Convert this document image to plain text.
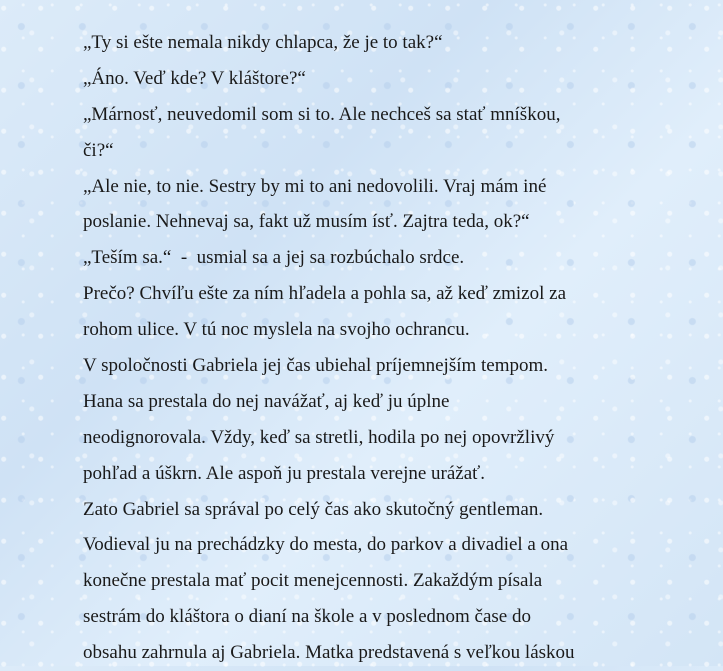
„Ty si ešte nemala nikdy chlapca, že je to tak?“

„Áno. Veď kde? V kláštore?“

„Márnosť, neuvedomil som si to. Ale nechceš sa stať mníškou,

či?“

„Ale nie, to nie. Sestry by mi to ani nedovolili. Vraj mám iné

poslanie. Nehnevaj sa, fakt už musím ísť. Zajtra teda, ok?“

„Teším sa.“  -  usmial sa a jej sa rozbúchalo srdce.

Prečo? Chvíľu ešte za ním hľadela a pohla sa, až keď zmizol za

rohom ulice. V tú noc myslela na svojho ochrancu.

V spoločnosti Gabriela jej čas ubiehal príjemnejším tempom.

Hana sa prestala do nej navážať, aj keď ju úplne

neodignorovala. Vždy, keď sa stretli, hodila po nej opovržlivý

pohľad a úškrn. Ale aspoň ju prestala verejne urážať.

Zato Gabriel sa správal po celý čas ako skutočný gentleman.

Vodieval ju na prechádzky do mesta, do parkov a divadiel a ona

konečne prestala mať pocit menejcennosti. Zakaždým písala

sestrám do kláštora o dianí na škole a v poslednom čase do

obsahu zahrnula aj Gabriela. Matka predstavená s veľkou láskou
